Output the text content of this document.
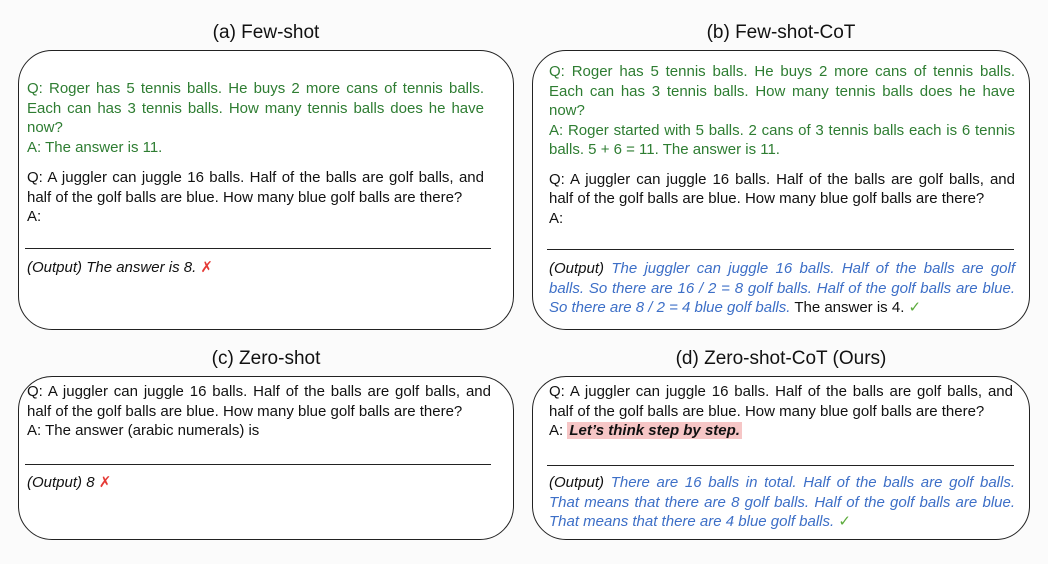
(a) Few-shot

Q: Roger has 5 tennis balls. He buys 2 more cans of tennis balls. Each can has 3 tennis balls. How many tennis balls does he have now?

A: The answer is 11.

Q: A juggler can juggle 16 balls. Half of the balls are golf balls, and half of the golf balls are blue. How many blue golf balls are there?

A:

(Output) The answer is 8. ✗
(b) Few-shot-CoT

Q: Roger has 5 tennis balls. He buys 2 more cans of tennis balls. Each can has 3 tennis balls. How many tennis balls does he have now?

A: Roger started with 5 balls. 2 cans of 3 tennis balls each is 6 tennis balls. 5 + 6 = 11. The answer is 11.

Q: A juggler can juggle 16 balls. Half of the balls are golf balls, and half of the golf balls are blue. How many blue golf balls are there?

A:

(Output) The juggler can juggle 16 balls. Half of the balls are golf balls. So there are 16 / 2 = 8 golf balls. Half of the golf balls are blue. So there are 8 / 2 = 4 blue golf balls. The answer is 4. ✓
(c) Zero-shot

Q: A juggler can juggle 16 balls. Half of the balls are golf balls, and half of the golf balls are blue. How many blue golf balls are there?

A: The answer (arabic numerals) is

(Output) 8 ✗
(d) Zero-shot-CoT (Ours)

Q: A juggler can juggle 16 balls. Half of the balls are golf balls, and half of the golf balls are blue. How many blue golf balls are there?

A: Let’s think step by step.

(Output) There are 16 balls in total. Half of the balls are golf balls. That means that there are 8 golf balls. Half of the golf balls are blue. That means that there are 4 blue golf balls. ✓
